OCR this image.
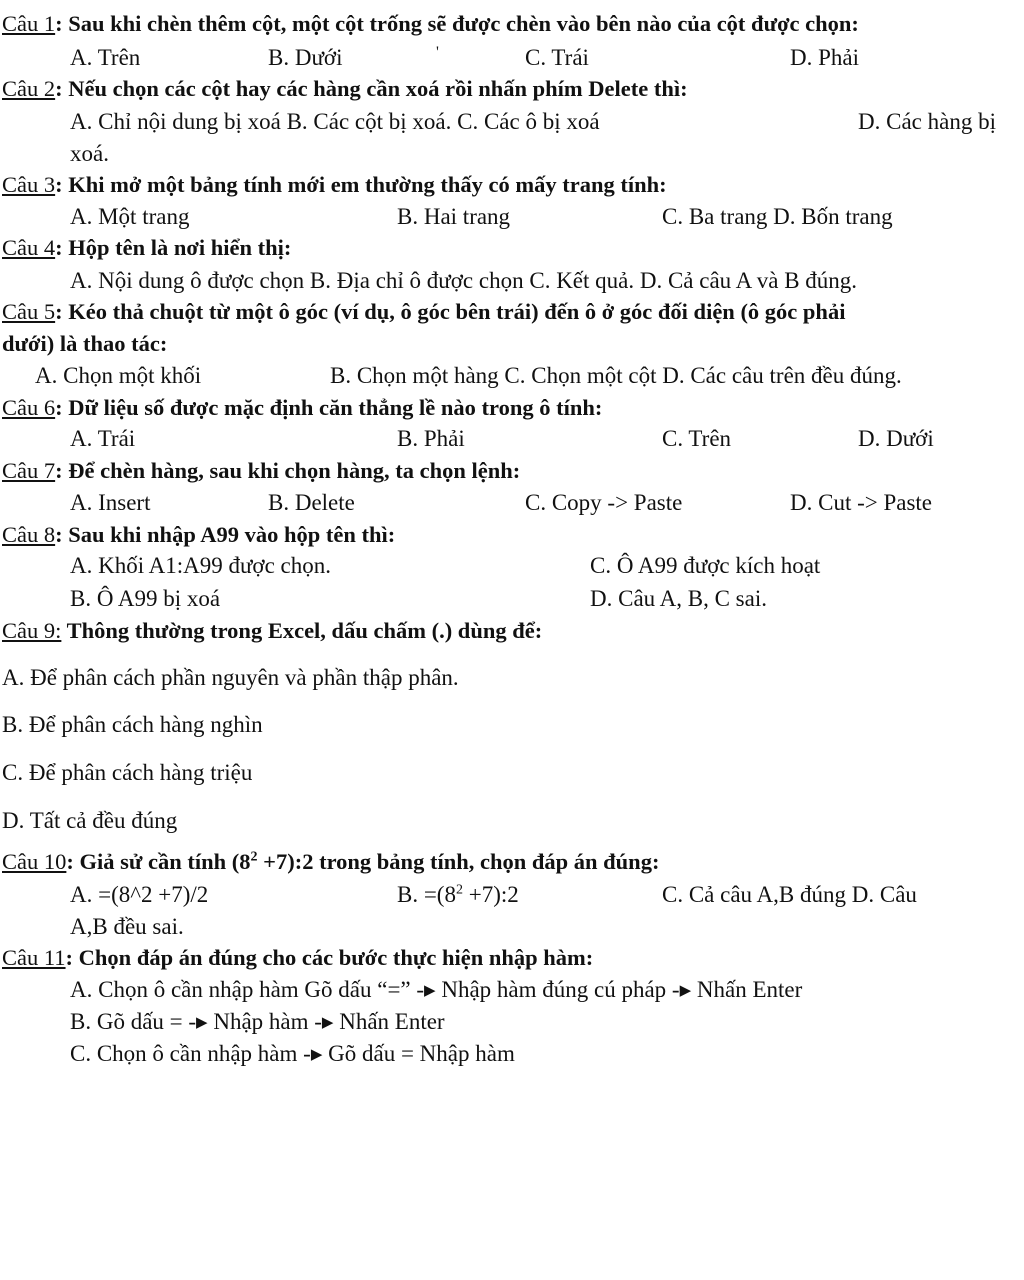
Câu 1: Sau khi chèn thêm cột, một cột trống sẽ được chèn vào bên nào của cột được chọn:
A. Trên	B. Dưới	'	C. Trái	D. Phải
Câu 2: Nếu chọn các cột hay các hàng cần xoá rồi nhấn phím Delete thì:
A. Chỉ nội dung bị xoá B. Các cột bị xoá. C. Các ô bị xoá	D. Các hàng bị
xoá.
Câu 3: Khi mở một bảng tính mới em thường thấy có mấy trang tính:
A. Một trang	B. Hai trang	C. Ba trang D. Bốn trang
Câu 4: Hộp tên là nơi hiển thị:
A. Nội dung ô được chọn B. Địa chỉ ô được chọn C. Kết quả. D. Cả câu A và B đúng.
Câu 5: Kéo thả chuột từ một ô góc (ví dụ, ô góc bên trái) đến ô ở góc đối diện (ô góc phải
dưới) là thao tác:
A. Chọn một khối	B. Chọn một hàng C. Chọn một cột D. Các câu trên đều đúng.
Câu 6: Dữ liệu số được mặc định căn thẳng lề nào trong ô tính:
A. Trái	B. Phải	C. Trên	D. Dưới
Câu 7: Để chèn hàng, sau khi chọn hàng, ta chọn lệnh:
A. Insert	B. Delete	C. Copy -> Paste	D. Cut -> Paste
Câu 8: Sau khi nhập A99 vào hộp tên thì:
A. Khối A1:A99 được chọn.	C. Ô A99 được kích hoạt
B. Ô A99 bị xoá	D. Câu A, B, C sai.
Câu 9: Thông thường trong Excel, dấu chấm (.) dùng để:
A. Để phân cách phần nguyên và phần thập phân.
B. Để phân cách hàng nghìn
C. Để phân cách hàng triệu
D. Tất cả đều đúng
Câu 10: Giả sử cần tính ($8^2$ +7):2 trong bảng tính, chọn đáp án đúng:
A. =(8^2 +7)/2	B. $=(8^2$ +7):2	C. Cả câu A,B đúng D. Câu
A,B đều sai.
Câu 11: Chọn đáp án đúng cho các bước thực hiện nhập hàm:
A. Chọn ô cần nhập hàm Gõ dấu “=” -▶ Nhập hàm đúng cú pháp -▶ Nhấn Enter
B. Gõ dấu = -▶ Nhập hàm -▶ Nhấn Enter
C. Chọn ô cần nhập hàm -▶ Gõ dấu = Nhập hàm
